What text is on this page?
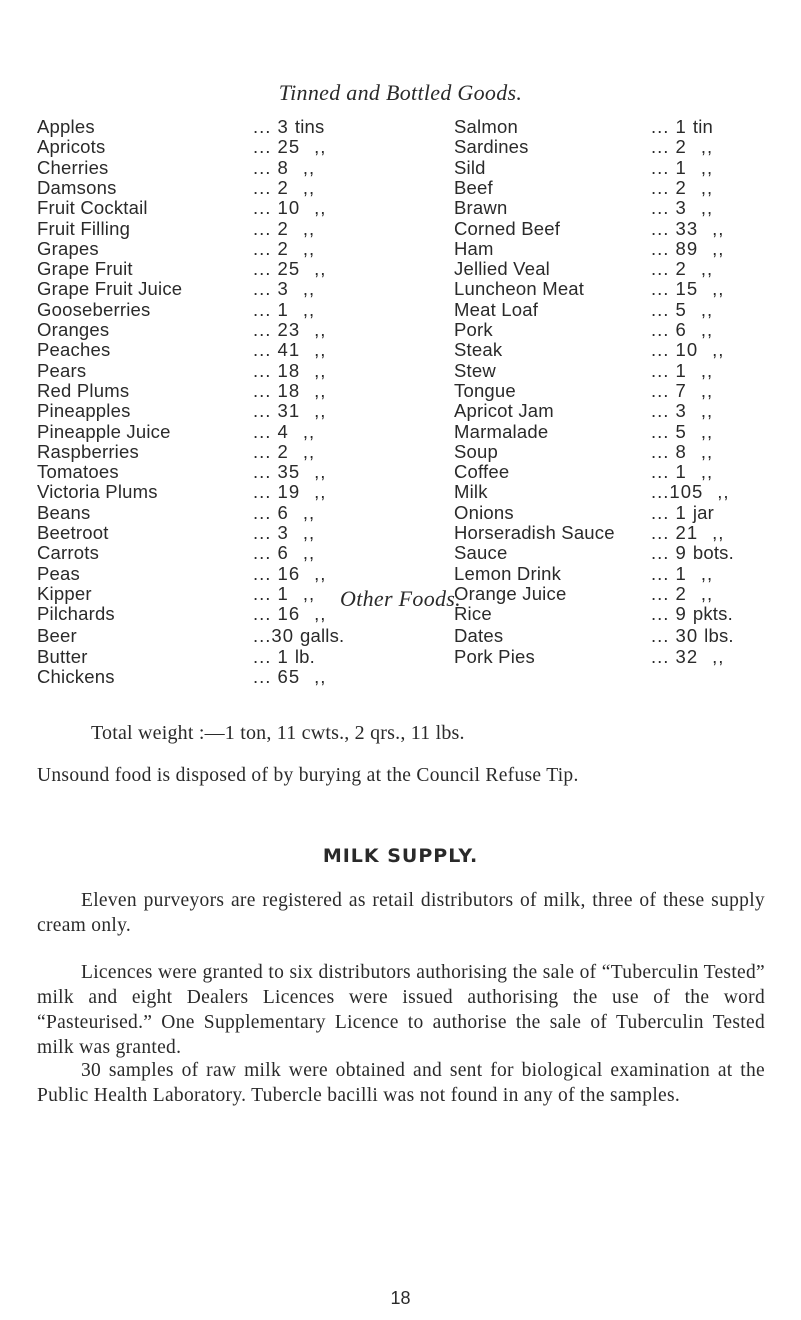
Tinned and Bottled Goods.
Apples	... 3 tins	Salmon	... 1 tin
Apricots	... 25 ,,	Sardines	... 2 ,,
Cherries	... 8 ,,	Sild	... 1 ,,
Damsons	... 2 ,,	Beef	... 2 ,,
Fruit Cocktail	... 10 ,,	Brawn	... 3 ,,
Fruit Filling	... 2 ,,	Corned Beef	... 33 ,,
Grapes	... 2 ,,	Ham	... 89 ,,
Grape Fruit	... 25 ,,	Jellied Veal	... 2 ,,
Grape Fruit Juice	... 3 ,,	Luncheon Meat	... 15 ,,
Gooseberries	... 1 ,,	Meat Loaf	... 5 ,,
Oranges	... 23 ,,	Pork	... 6 ,,
Peaches	... 41 ,,	Steak	... 10 ,,
Pears	... 18 ,,	Stew	... 1 ,,
Red Plums	... 18 ,,	Tongue	... 7 ,,
Pineapples	... 31 ,,	Apricot Jam	... 3 ,,
Pineapple Juice	... 4 ,,	Marmalade	... 5 ,,
Raspberries	... 2 ,,	Soup	... 8 ,,
Tomatoes	... 35 ,,	Coffee	... 1 ,,
Victoria Plums	... 19 ,,	Milk	...105 ,,
Beans	... 6 ,,	Onions	... 1 jar
Beetroot	... 3 ,,	Horseradish Sauce ... 21 ,,
Carrots	... 6 ,,	Sauce	... 9 bots.
Peas	... 16 ,,	Lemon Drink	... 1 ,,
Kipper	... 1 ,,	Orange Juice	... 2 ,,
Pilchards	... 16 ,,	Rice	... 9 pkts.
Other Foods.
Beer	...30 galls.	Dates	... 30 lbs.
Butter	... 1 lb.	Pork Pies	... 32 ,,
Chickens	... 65 ,,
Total weight :—1 ton, 11 cwts., 2 qrs., 11 lbs.
Unsound food is disposed of by burying at the Council Refuse Tip.
MILK SUPPLY.
Eleven purveyors are registered as retail distributors of milk, three of these supply cream only.
Licences were granted to six distributors authorising the sale of “Tuberculin Tested” milk and eight Dealers Licences were issued authorising the use of the word “Pasteurised.” One Supplementary Licence to authorise the sale of Tuberculin Tested milk was granted.
30 samples of raw milk were obtained and sent for biological examination at the Public Health Laboratory. Tubercle bacilli was not found in any of the samples.
18
